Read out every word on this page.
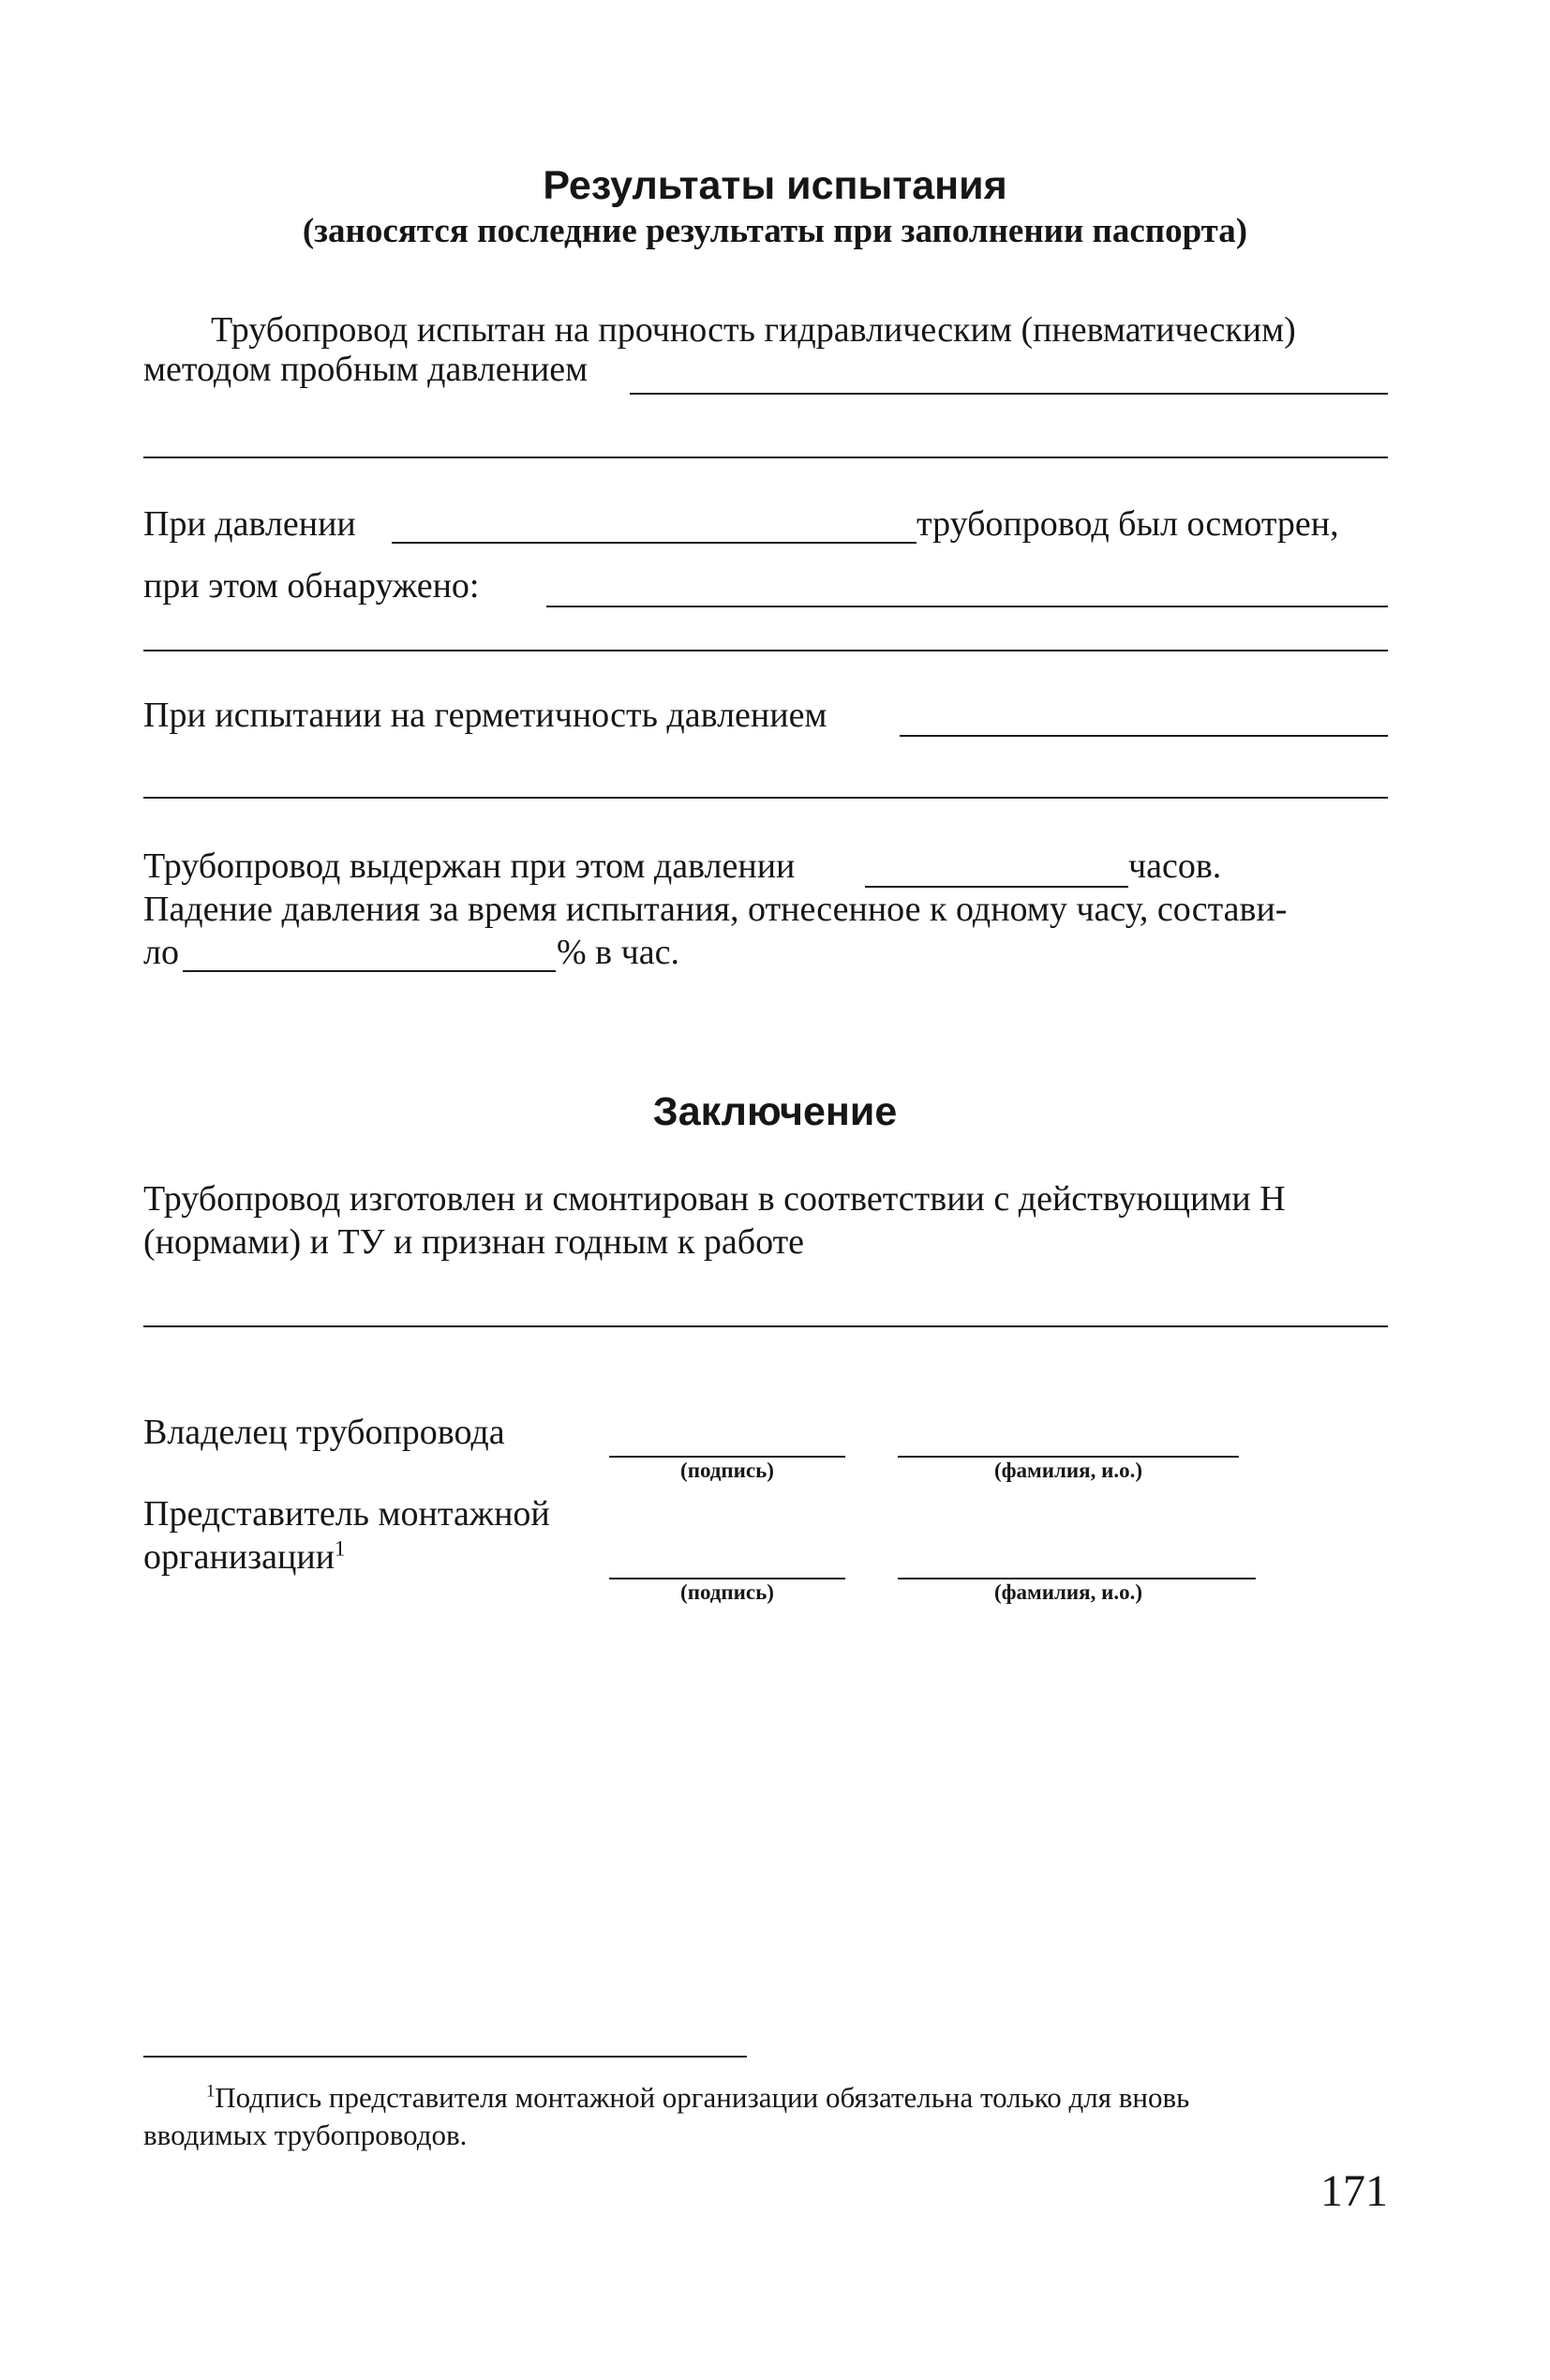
Результаты испытания
(заносятся последние результаты при заполнении паспорта)
Трубопровод испытан на прочность гидравлическим (пневматическим)
методом пробным давлением
При давлении	трубопровод был осмотрен,
при этом обнаружено:
При испытании на герметичность давлением
Трубопровод выдержан при этом давлении	часов.
Падение давления за время испытания, отнесенное к одному часу, состави-
ло	% в час.
Заключение
Трубопровод изготовлен и смонтирован в соответствии с действующими Н
(нормами) и ТУ и признан годным к работе
Владелец трубопровода
(подпись)	(фамилия, и.о.)
Представитель монтажной
организации$^1$
(подпись)	(фамилия, и.о.)
$^1$Подпись представителя монтажной организации обязательна только для вновь
вводимых трубопроводов.
171
